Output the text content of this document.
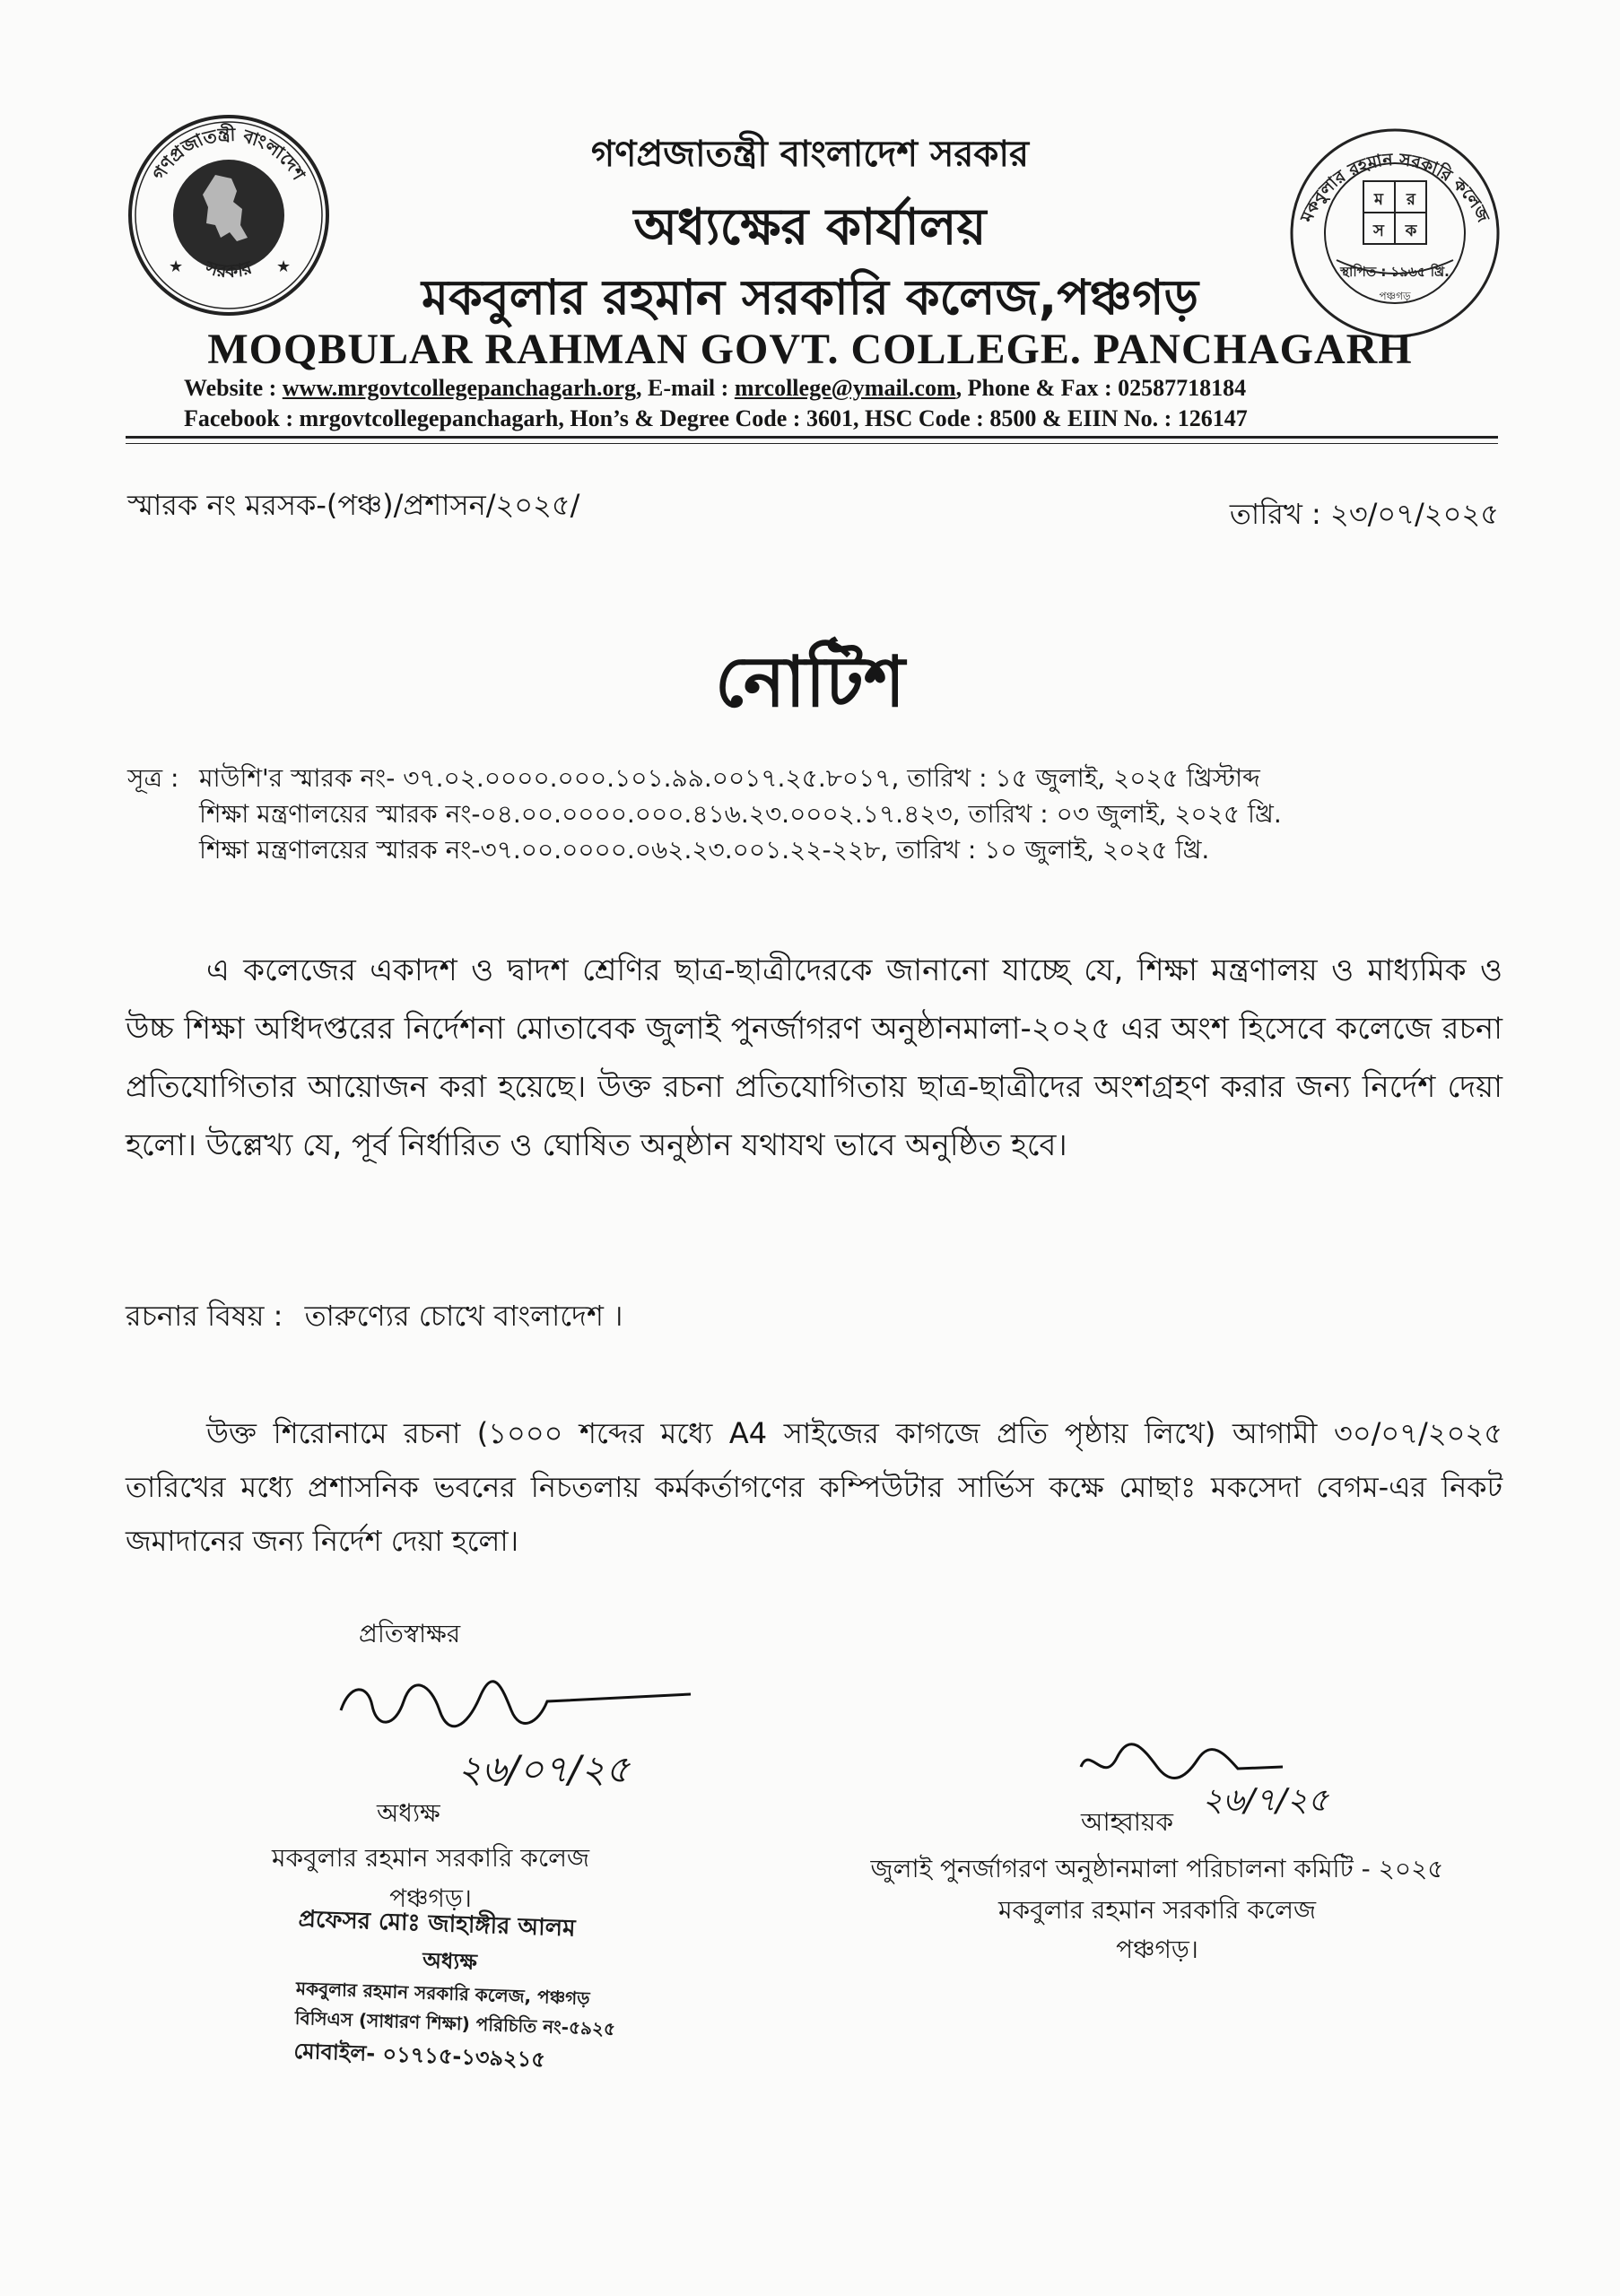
গণপ্রজাতন্ত্রী বাংলাদেশ
সরকার
★	★
মকবুলার রহমান সরকারি কলেজ
ম র
স ক
স্থাপিত : ১৯৬৫ খ্রি.
পঞ্চগড়
গণপ্রজাতন্ত্রী বাংলাদেশ সরকার
অধ্যক্ষের কার্যালয়
মকবুলার রহমান সরকারি কলেজ,পঞ্চগড়
MOQBULAR RAHMAN GOVT. COLLEGE. PANCHAGARH
Website : www.mrgovtcollegepanchagarh.org, E-mail : mrcollege@ymail.com, Phone & Fax : 02587718184
Facebook : mrgovtcollegepanchagarh, Hon’s & Degree Code : 3601, HSC Code : 8500 & EIIN No. : 126147
স্মারক নং মরসক-(পঞ্চ)/প্রশাসন/২০২৫/	তারিখ : ২৩/০৭/২০২৫
নোটিশ
সূত্র : মাউশি'র স্মারক নং- ৩৭.০২.০০০০.০০০.১০১.৯৯.০০১৭.২৫.৮০১৭, তারিখ : ১৫ জুলাই, ২০২৫ খ্রিস্টাব্দ
শিক্ষা মন্ত্রণালয়ের স্মারক নং-০৪.০০.০০০০.০০০.৪১৬.২৩.০০০২.১৭.৪২৩, তারিখ : ০৩ জুলাই, ২০২৫ খ্রি.
শিক্ষা মন্ত্রণালয়ের স্মারক নং-৩৭.০০.০০০০.০৬২.২৩.০০১.২২-২২৮, তারিখ : ১০ জুলাই, ২০২৫ খ্রি.
এ কলেজের একাদশ ও দ্বাদশ শ্রেণির ছাত্র-ছাত্রীদেরকে জানানো যাচ্ছে যে, শিক্ষা মন্ত্রণালয় ও মাধ্যমিক ও উচ্চ শিক্ষা অধিদপ্তরের নির্দেশনা মোতাবেক জুলাই পুনর্জাগরণ অনুষ্ঠানমালা-২০২৫ এর অংশ হিসেবে কলেজে রচনা প্রতিযোগিতার আয়োজন করা হয়েছে। উক্ত রচনা প্রতিযোগিতায় ছাত্র-ছাত্রীদের অংশগ্রহণ করার জন্য নির্দেশ দেয়া হলো। উল্লেখ্য যে, পূর্ব নির্ধারিত ও ঘোষিত অনুষ্ঠান যথাযথ ভাবে অনুষ্ঠিত হবে।
রচনার বিষয় : তারুণ্যের চোখে বাংলাদেশ ।
উক্ত শিরোনামে রচনা (১০০০ শব্দের মধ্যে A4 সাইজের কাগজে প্রতি পৃষ্ঠায় লিখে) আগামী ৩০/০৭/২০২৫ তারিখের মধ্যে প্রশাসনিক ভবনের নিচতলায় কর্মকর্তাগণের কম্পিউটার সার্ভিস কক্ষে মোছাঃ মকসেদা বেগম-এর নিকট জমাদানের জন্য নির্দেশ দেয়া হলো।
প্রতিস্বাক্ষর
২৬/০৭/২৫
অধ্যক্ষ
মকবুলার রহমান সরকারি কলেজ
পঞ্চগড়।
প্রফেসর মোঃ জাহাঙ্গীর আলম
অধ্যক্ষ
মকবুলার রহমান সরকারি কলেজ, পঞ্চগড়
বিসিএস (সাধারণ শিক্ষা) পরিচিতি নং-৫৯২৫
মোবাইল- ০১৭১৫-১৩৯২১৫
২৬/৭/২৫
আহ্বায়ক
জুলাই পুনর্জাগরণ অনুষ্ঠানমালা পরিচালনা কমিটি - ২০২৫
মকবুলার রহমান সরকারি কলেজ
পঞ্চগড়।
